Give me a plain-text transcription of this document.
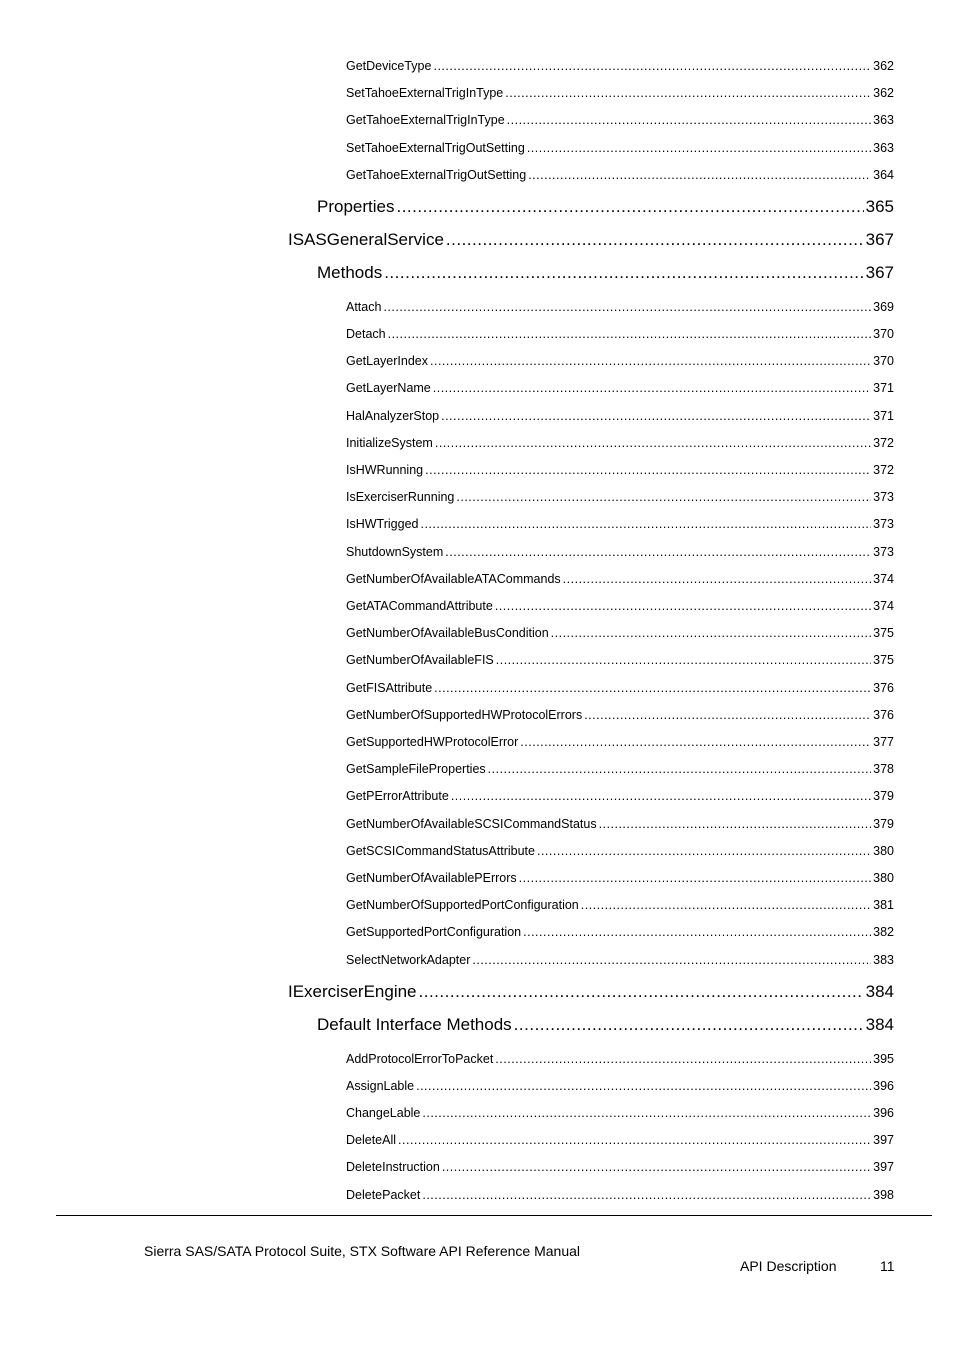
GetDeviceType .....	362
SetTahoeExternalTrigInType .....	362
GetTahoeExternalTrigInType .....	363
SetTahoeExternalTrigOutSetting .....	363
GetTahoeExternalTrigOutSetting .....	364
Properties .....	365
ISASGeneralService .....	367
Methods .....	367
Attach .....	369
Detach .....	370
GetLayerIndex .....	370
GetLayerName .....	371
HalAnalyzerStop .....	371
InitializeSystem .....	372
IsHWRunning .....	372
IsExerciserRunning .....	373
IsHWTrigged .....	373
ShutdownSystem .....	373
GetNumberOfAvailableATACommands .....	374
GetATACommandAttribute .....	374
GetNumberOfAvailableBusCondition .....	375
GetNumberOfAvailableFIS .....	375
GetFISAttribute .....	376
GetNumberOfSupportedHWProtocolErrors .....	376
GetSupportedHWProtocolError .....	377
GetSampleFileProperties .....	378
GetPErrorAttribute .....	379
GetNumberOfAvailableSCSICommandStatus .....	379
GetSCSICommandStatusAttribute .....	380
GetNumberOfAvailablePErrors .....	380
GetNumberOfSupportedPortConfiguration .....	381
GetSupportedPortConfiguration .....	382
SelectNetworkAdapter .....	383
IExerciserEngine .....	384
Default Interface Methods .....	384
AddProtocolErrorToPacket .....	395
AssignLable .....	396
ChangeLable .....	396
DeleteAll .....	397
DeleteInstruction .....	397
DeletePacket .....	398
Sierra SAS/SATA Protocol Suite, STX Software API Reference Manual
API Description	11
